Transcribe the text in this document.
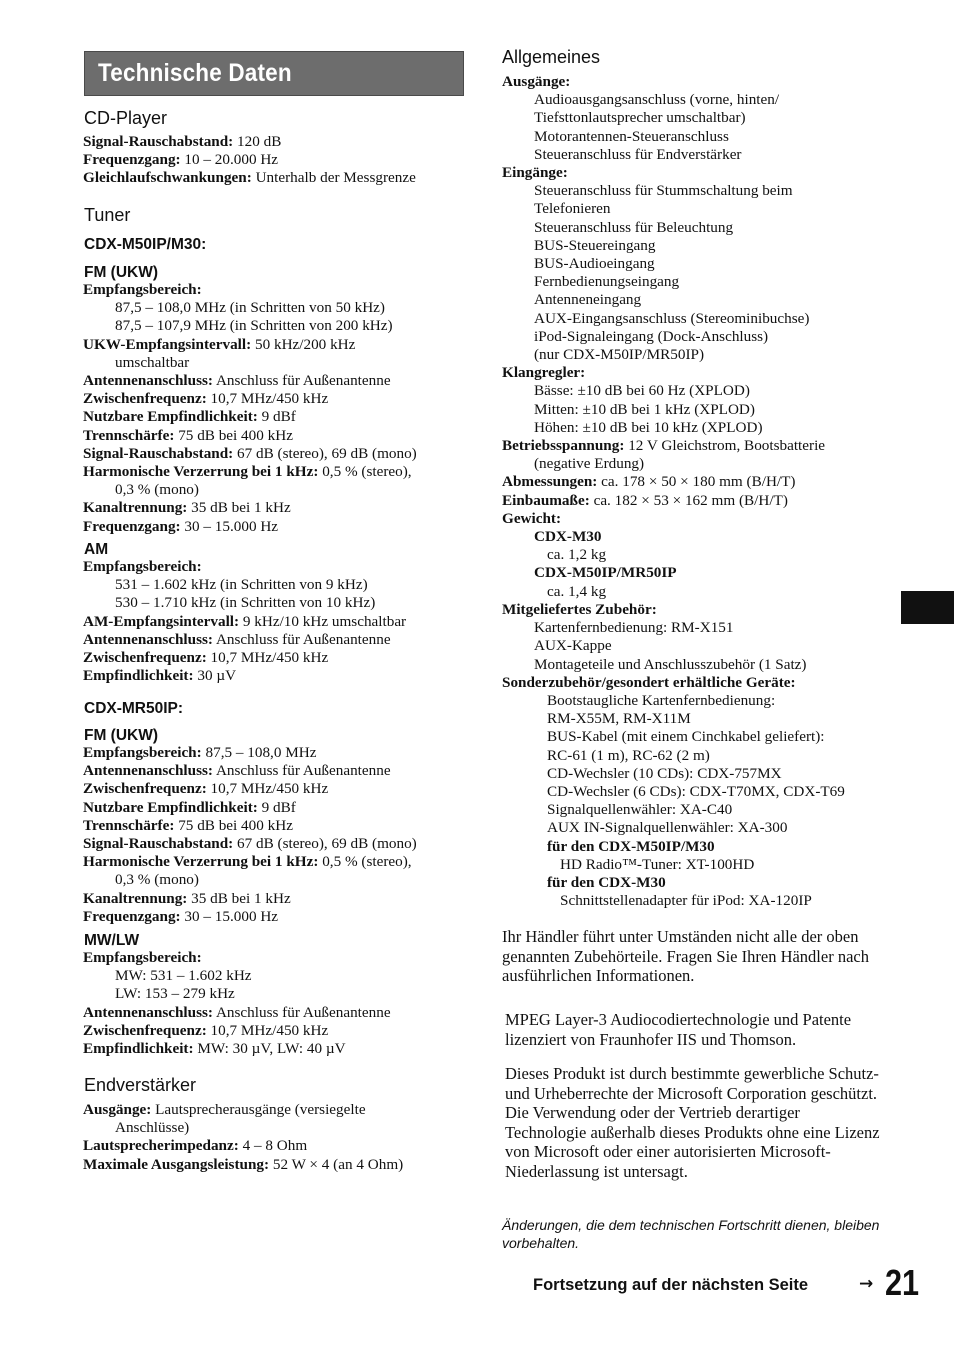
Technische Daten
CD-Player
Signal-Rauschabstand: 120 dB
Frequenzgang: 10 – 20.000 Hz
Gleichlaufschwankungen: Unterhalb der Messgrenze
Tuner
CDX-M50IP/M30:
FM (UKW)
Empfangsbereich:
87,5 – 108,0 MHz (in Schritten von 50 kHz)
87,5 – 107,9 MHz (in Schritten von 200 kHz)
UKW-Empfangsintervall: 50 kHz/200 kHz
umschaltbar
Antennenanschluss: Anschluss für Außenantenne
Zwischenfrequenz: 10,7 MHz/450 kHz
Nutzbare Empfindlichkeit: 9 dBf
Trennschärfe: 75 dB bei 400 kHz
Signal-Rauschabstand: 67 dB (stereo), 69 dB (mono)
Harmonische Verzerrung bei 1 kHz: 0,5 % (stereo),
0,3 % (mono)
Kanaltrennung: 35 dB bei 1 kHz
Frequenzgang: 30 – 15.000 Hz
AM
Empfangsbereich:
531 – 1.602 kHz (in Schritten von 9 kHz)
530 – 1.710 kHz (in Schritten von 10 kHz)
AM-Empfangsintervall: 9 kHz/10 kHz umschaltbar
Antennenanschluss: Anschluss für Außenantenne
Zwischenfrequenz: 10,7 MHz/450 kHz
Empfindlichkeit: 30 µV
CDX-MR50IP:
FM (UKW)
Empfangsbereich: 87,5 – 108,0 MHz
Antennenanschluss: Anschluss für Außenantenne
Zwischenfrequenz: 10,7 MHz/450 kHz
Nutzbare Empfindlichkeit: 9 dBf
Trennschärfe: 75 dB bei 400 kHz
Signal-Rauschabstand: 67 dB (stereo), 69 dB (mono)
Harmonische Verzerrung bei 1 kHz: 0,5 % (stereo),
0,3 % (mono)
Kanaltrennung: 35 dB bei 1 kHz
Frequenzgang: 30 – 15.000 Hz
MW/LW
Empfangsbereich:
MW: 531 – 1.602 kHz
LW: 153 – 279 kHz
Antennenanschluss: Anschluss für Außenantenne
Zwischenfrequenz: 10,7 MHz/450 kHz
Empfindlichkeit: MW: 30 µV, LW: 40 µV
Endverstärker
Ausgänge: Lautsprecherausgänge (versiegelte
Anschlüsse)
Lautsprecherimpedanz: 4 – 8 Ohm
Maximale Ausgangsleistung: 52 W × 4 (an 4 Ohm)
Allgemeines
Ausgänge:
Audioausgangsanschluss (vorne, hinten/
Tiefsttonlautsprecher umschaltbar)
Motorantennen-Steueranschluss
Steueranschluss für Endverstärker
Eingänge:
Steueranschluss für Stummschaltung beim
Telefonieren
Steueranschluss für Beleuchtung
BUS-Steuereingang
BUS-Audioeingang
Fernbedienungseingang
Antenneneingang
AUX-Eingangsanschluss (Stereominibuchse)
iPod-Signaleingang (Dock-Anschluss)
(nur CDX-M50IP/MR50IP)
Klangregler:
Bässe: ±10 dB bei 60 Hz (XPLOD)
Mitten: ±10 dB bei 1 kHz (XPLOD)
Höhen: ±10 dB bei 10 kHz (XPLOD)
Betriebsspannung: 12 V Gleichstrom, Bootsbatterie
(negative Erdung)
Abmessungen: ca. 178 × 50 × 180 mm (B/H/T)
Einbaumaße: ca. 182 × 53 × 162 mm (B/H/T)
Gewicht:
CDX-M30
ca. 1,2 kg
CDX-M50IP/MR50IP
ca. 1,4 kg
Mitgeliefertes Zubehör:
Kartenfernbedienung: RM-X151
AUX-Kappe
Montageteile und Anschlusszubehör (1 Satz)
Sonderzubehör/gesondert erhältliche Geräte:
Bootstaugliche Kartenfernbedienung:
RM-X55M, RM-X11M
BUS-Kabel (mit einem Cinchkabel geliefert):
RC-61 (1 m), RC-62 (2 m)
CD-Wechsler (10 CDs): CDX-757MX
CD-Wechsler (6 CDs): CDX-T70MX, CDX-T69
Signalquellenwähler: XA-C40
AUX IN-Signalquellenwähler: XA-300
für den CDX-M50IP/M30
HD Radio™-Tuner: XT-100HD
für den CDX-M30
Schnittstellenadapter für iPod: XA-120IP
Ihr Händler führt unter Umständen nicht alle der oben genannten Zubehörteile. Fragen Sie Ihren Händler nach ausführlichen Informationen.
MPEG Layer-3 Audiocodiertechnologie und Patente lizenziert von Fraunhofer IIS und Thomson.
Dieses Produkt ist durch bestimmte gewerbliche Schutz- und Urheberrechte der Microsoft Corporation geschützt. Die Verwendung oder der Vertrieb derartiger Technologie außerhalb dieses Produkts ohne eine Lizenz von Microsoft oder einer autorisierten Microsoft-Niederlassung ist untersagt.
Änderungen, die dem technischen Fortschritt dienen, bleiben vorbehalten.
Fortsetzung auf der nächsten Seite	→ 21
